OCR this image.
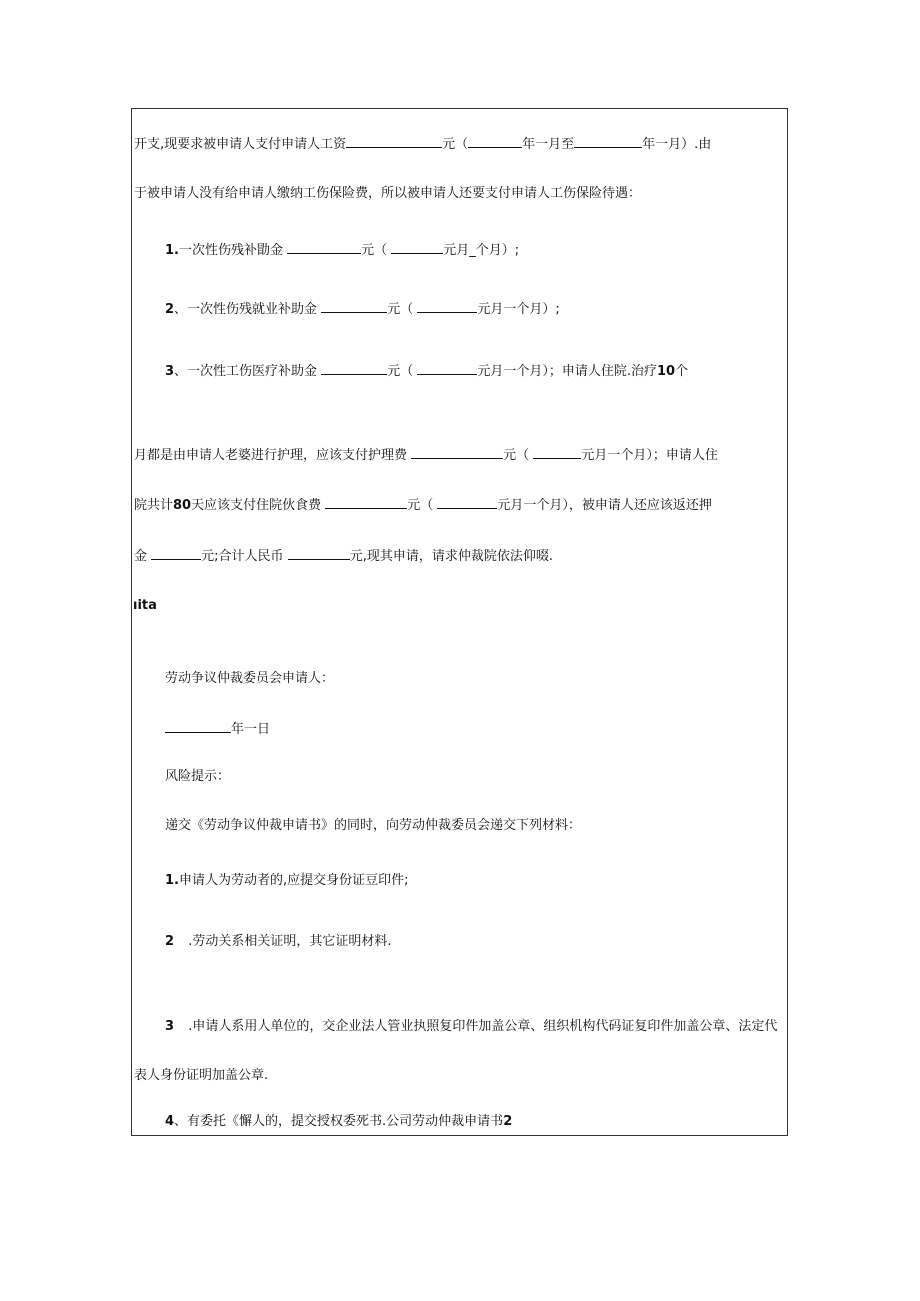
开支,现要求被申请人支付申请人工资	元（	年一月至	年一月）.由
于被申请人没有给申请人缴纳工伤保险费，所以被申请人还要支付申请人工伤保险待遇：
1.一次性伤残补勖金	元（	元月_个月）;
2、一次性伤残就业补助金	元（	元月一个月）;
3、一次性工伤医疗补助金	元（	元月一个月）；申请人住院.治疗10个
月都是由申请人老婆进行护理，应该支付护理费	元（	元月一个月）；申请人住
院共计80天应该支付住院伙食费	元（	元月一个月），被申请人还应该返还押
金	元;合计人民币	元,现其申请，请求仲裁院依法仰啜.
ıita
劳动争议仲裁委员会申请人：
年一日
风险提示：
递交《劳动争议仲裁申请书》的同时，向劳动仲裁委员会递交下列材料：
1.申请人为劳动者的,应提交身份证豆印件;
2 .劳动关系相关证明，其它证明材料.
3 .申请人系用人单位的，交企业法人管业执照复印件加盖公章、组织机构代码证复印件加盖公章、法定代
表人身份证明加盖公章.
4、有委托《懈人的，提交授权委死书.公司劳动仲裁申请书2
